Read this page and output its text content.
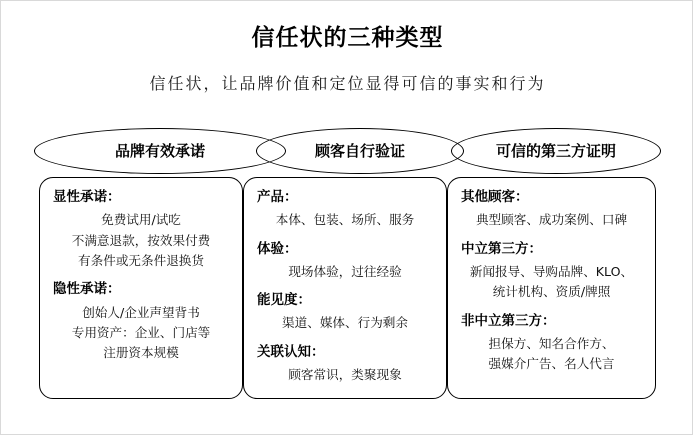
信任状的三种类型
信任状，让品牌价值和定位显得可信的事实和行为
品牌有效承诺	顾客自行验证	可信的第三方证明
显性承诺：
免费试用/试吃
不满意退款，按效果付费
有条件或无条件退换货
隐性承诺：
创始人/企业声望背书
专用资产：企业、门店等
注册资本规模
产品：
本体、包装、场所、服务
体验：
现场体验，过往经验
能见度：
渠道、媒体、行为剩余
关联认知：
顾客常识，类聚现象
其他顾客：
典型顾客、成功案例、口碑
中立第三方：
新闻报导、导购品牌、KLO、
统计机构、资质/牌照
非中立第三方：
担保方、知名合作方、
强媒介广告、名人代言
